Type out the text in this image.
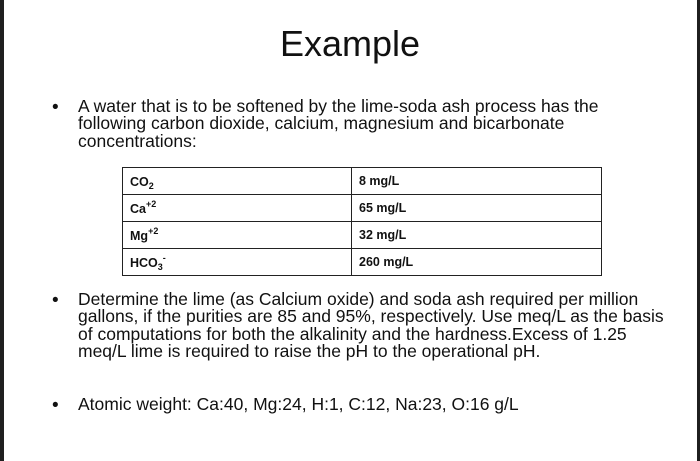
Example
• A water that is to be softened by the lime-soda ash process has the following carbon dioxide, calcium, magnesium and bicarbonate concentrations:
$CO_2$	8 mg/L
$Ca^{+2}$	65 mg/L
$Mg^{+2}$	32 mg/L
$HCO_3^-$	260 mg/L
• Determine the lime (as Calcium oxide) and soda ash required per million gallons, if the purities are 85 and 95%, respectively. Use meq/L as the basis of computations for both the alkalinity and the hardness.Excess of 1.25 meq/L lime is required to raise the pH to the operational pH.
• Atomic weight: Ca:40, Mg:24, H:1, C:12, Na:23, O:16 g/L
